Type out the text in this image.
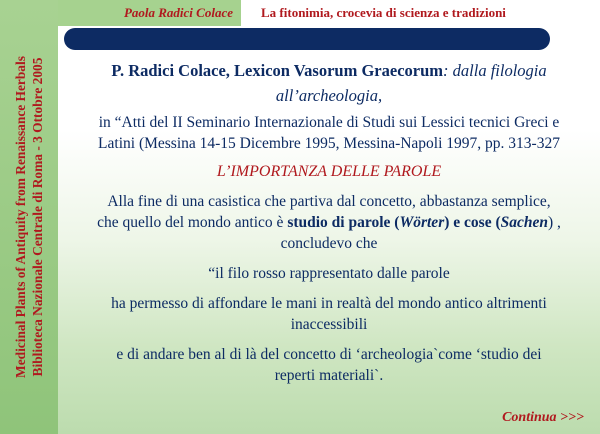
Medicinal Plants of Antiquity from Renaissance Herbals Biblioteca Nazionale Centrale di Roma - 3 Ottobre 2005
Paola Radici Colace	La fitonimia, crocevia di scienza e tradizioni

P. Radici Colace, Lexicon Vasorum Graecorum: dalla filologia

all’archeologia,

in “Atti del II Seminario Internazionale di Studi sui Lessici tecnici Greci e

Latini (Messina 14-15 Dicembre 1995, Messina-Napoli 1997, pp. 313-327

L’IMPORTANZA DELLE PAROLE

Alla fine di una casistica che partiva dal concetto, abbastanza semplice,

che quello del mondo antico è studio di parole (Wörter) e cose (Sachen) ,

concludevo che

“il filo rosso rappresentato dalle parole

ha permesso di affondare le mani in realtà del mondo antico altrimenti

inaccessibili

e di andare ben al di là del concetto di ‘archeologia`come ‘studio dei

reperti materiali`.

Continua >>>
